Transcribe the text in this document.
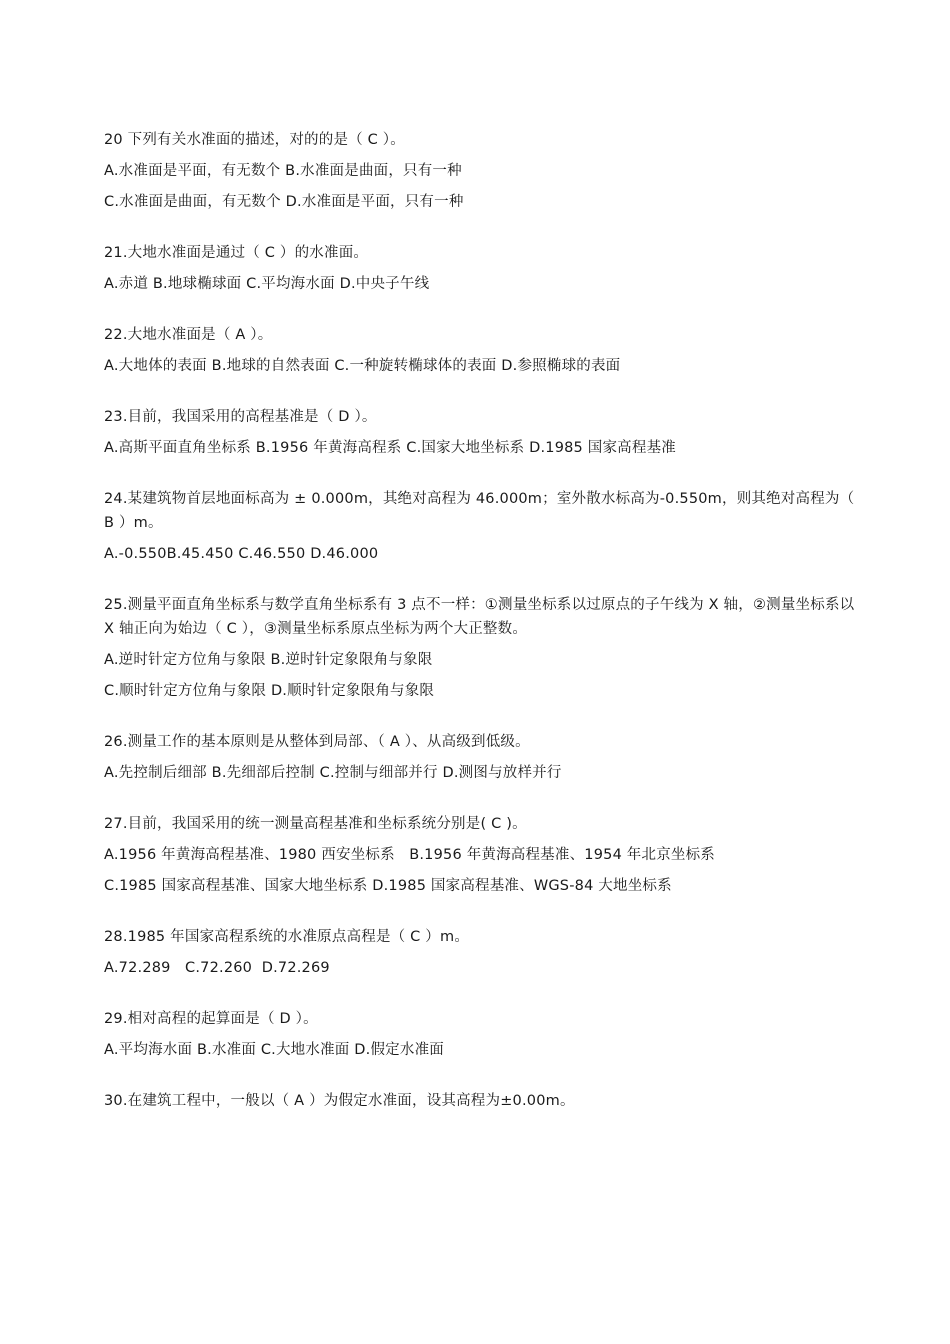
20 下列有关水准面的描述，对的的是（ C ）。
A.水准面是平面，有无数个 B.水准面是曲面，只有一种
C.水准面是曲面，有无数个 D.水准面是平面，只有一种
21.大地水准面是通过（ C ）的水准面。
A.赤道 B.地球椭球面 C.平均海水面 D.中央子午线
22.大地水准面是（ A ）。
A.大地体的表面 B.地球的自然表面 C.一种旋转椭球体的表面 D.参照椭球的表面
23.目前，我国采用的高程基准是（ D ）。
A.高斯平面直角坐标系 B.1956 年黄海高程系 C.国家大地坐标系 D.1985 国家高程基准
24.某建筑物首层地面标高为 ± 0.000m，其绝对高程为 46.000m；室外散水标高为-0.550m，则其绝对高程为（ B ）m。
A.-0.550B.45.450 C.46.550 D.46.000
25.测量平面直角坐标系与数学直角坐标系有 3 点不一样：①测量坐标系以过原点的子午线为 X 轴，②测量坐标系以 X 轴正向为始边（ C ），③测量坐标系原点坐标为两个大正整数。
A.逆时针定方位角与象限 B.逆时针定象限角与象限
C.顺时针定方位角与象限 D.顺时针定象限角与象限
26.测量工作的基本原则是从整体到局部、（ A ）、从高级到低级。
A.先控制后细部 B.先细部后控制 C.控制与细部并行 D.测图与放样并行
27.目前，我国采用的统一测量高程基准和坐标系统分别是( C )。
A.1956 年黄海高程基准、1980 西安坐标系   B.1956 年黄海高程基准、1954 年北京坐标系
C.1985 国家高程基准、国家大地坐标系 D.1985 国家高程基准、WGS-84 大地坐标系
28.1985 年国家高程系统的水准原点高程是（ C ）m。
A.72.289   C.72.260  D.72.269
29.相对高程的起算面是（ D ）。
A.平均海水面 B.水准面 C.大地水准面 D.假定水准面
30.在建筑工程中，一般以（ A ）为假定水准面，设其高程为±0.00m。
